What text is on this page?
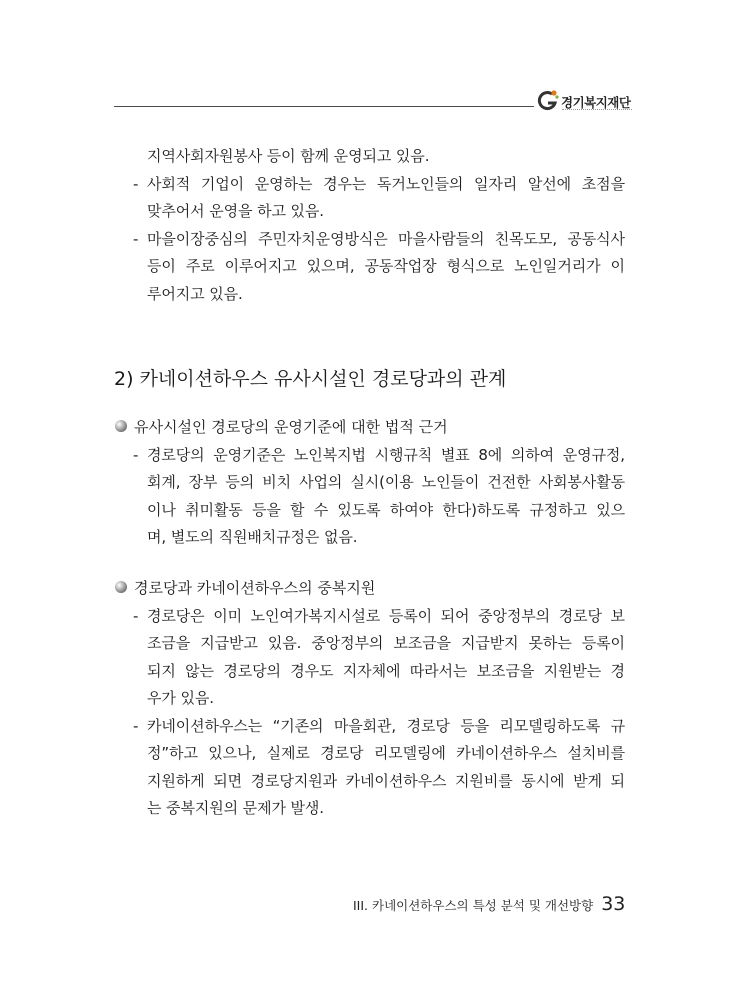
경기복지재단
지역사회자원봉사 등이 함께 운영되고 있음.
- 사회적 기업이 운영하는 경우는 독거노인들의 일자리 알선에 초점을
맞추어서 운영을 하고 있음.
- 마을이장중심의 주민자치운영방식은 마을사람들의 친목도모, 공동식사
등이 주로 이루어지고 있으며, 공동작업장 형식으로 노인일거리가 이
루어지고 있음.
유사시설인 경로당의 운영기준에 대한 법적 근거
- 경로당의 운영기준은 노인복지법 시행규칙 별표 8에 의하여 운영규정,
회계, 장부 등의 비치 사업의 실시(이용 노인들이 건전한 사회봉사활동
이나 취미활동 등을 할 수 있도록 하여야 한다)하도록 규정하고 있으
며, 별도의 직원배치규정은 없음.
경로당과 카네이션하우스의 중복지원
- 경로당은 이미 노인여가복지시설로 등록이 되어 중앙정부의 경로당 보
조금을 지급받고 있음. 중앙정부의 보조금을 지급받지 못하는 등록이
되지 않는 경로당의 경우도 지자체에 따라서는 보조금을 지원받는 경
우가 있음.
- 카네이션하우스는 “기존의 마을회관, 경로당 등을 리모델링하도록 규
정”하고 있으나, 실제로 경로당 리모델링에 카네이션하우스 설치비를
지원하게 되면 경로당지원과 카네이션하우스 지원비를 동시에 받게 되
는 중복지원의 문제가 발생.
2) 카네이션하우스 유사시설인 경로당과의 관계
III. 카네이션하우스의 특성 분석 및 개선방향 33
